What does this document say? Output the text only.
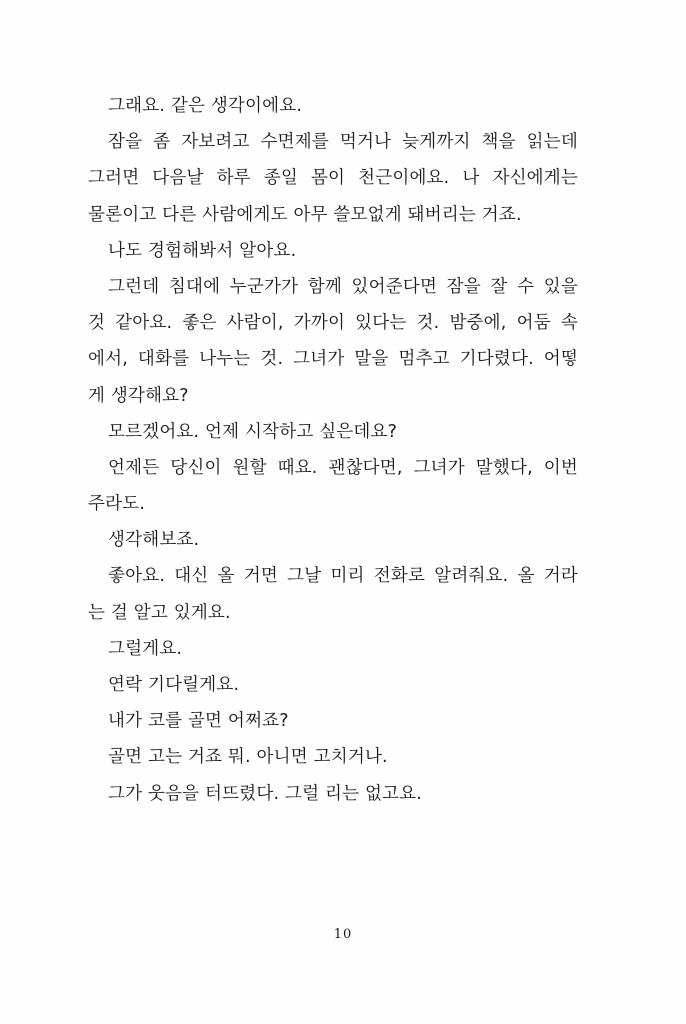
그래요. 같은 생각이에요.
잠을 좀 자보려고 수면제를 먹거나 늦게까지 책을 읽는데
그러면 다음날 하루 종일 몸이 천근이에요. 나 자신에게는
물론이고 다른 사람에게도 아무 쓸모없게 돼버리는 거죠.
나도 경험해봐서 알아요.
그런데 침대에 누군가가 함께 있어준다면 잠을 잘 수 있을
것 같아요. 좋은 사람이, 가까이 있다는 것. 밤중에, 어둠 속
에서, 대화를 나누는 것. 그녀가 말을 멈추고 기다렸다. 어떻
게 생각해요?
모르겠어요. 언제 시작하고 싶은데요?
언제든 당신이 원할 때요. 괜찮다면, 그녀가 말했다, 이번
주라도.
생각해보죠.
좋아요. 대신 올 거면 그날 미리 전화로 알려줘요. 올 거라
는 걸 알고 있게요.
그럴게요.
연락 기다릴게요.
내가 코를 골면 어쩌죠?
골면 고는 거죠 뭐. 아니면 고치거나.
그가 웃음을 터뜨렸다. 그럴 리는 없고요.
10
